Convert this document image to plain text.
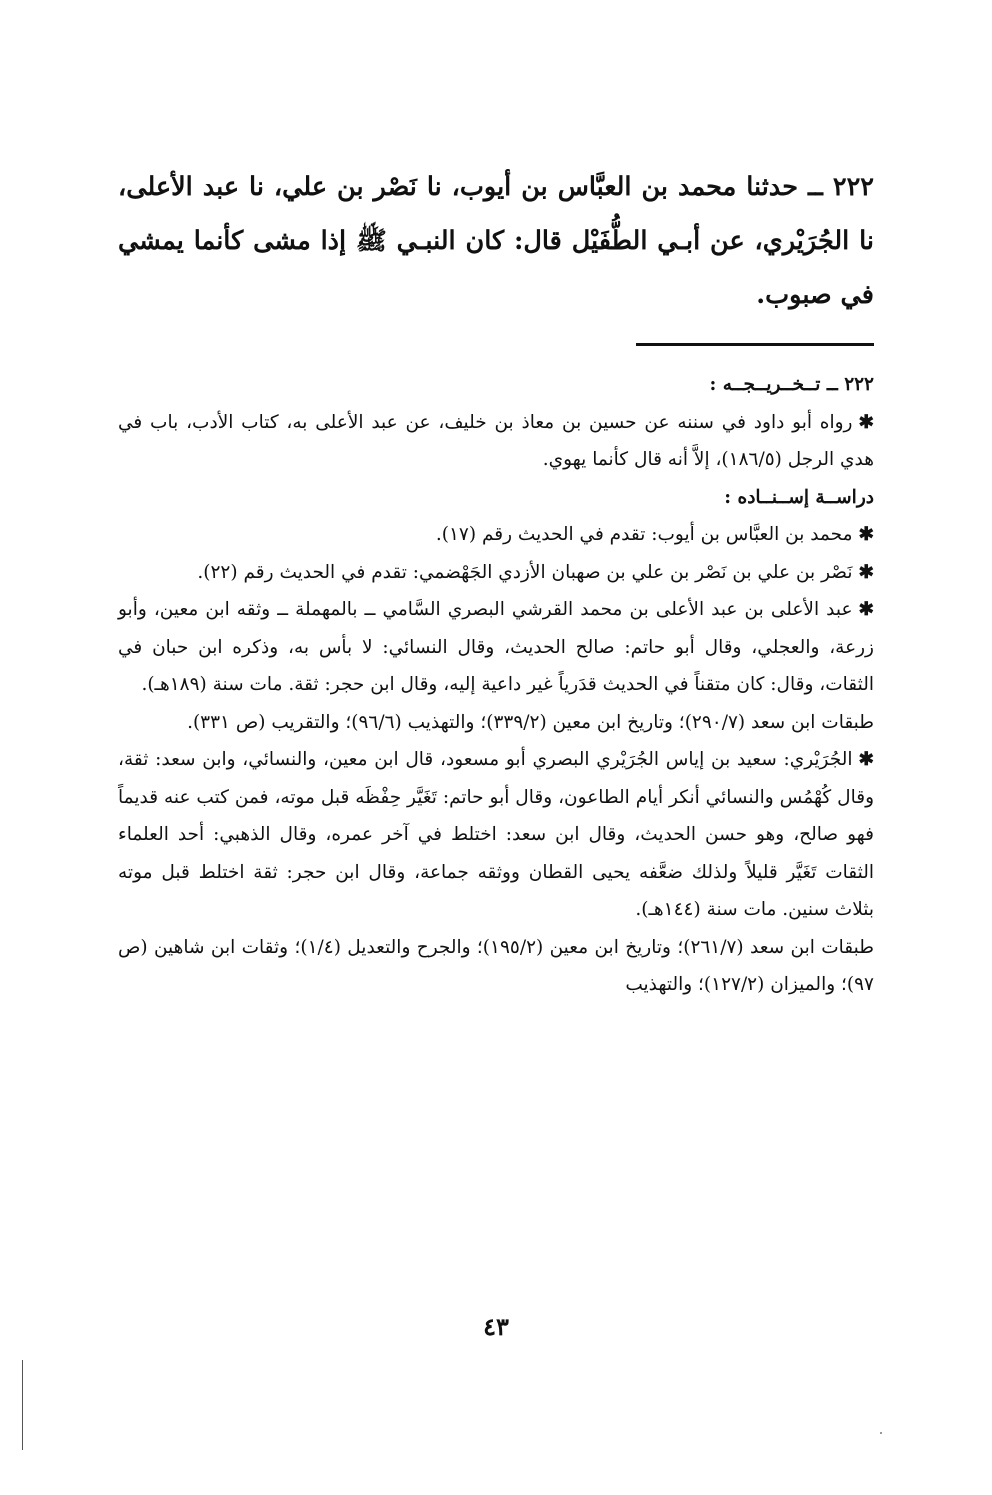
٢٢٢ ــ حدثنا محمد بن العبَّاس بن أيوب، نا نَصْر بن علي، نا عبد الأعلى، نا الجُرَيْري، عن أبـي الطُّفَيْل قال: كان النبـي ﷺ إذا مشى كأنما يمشي في صبوب.

٢٢٢ ــ تــخــريــجــه :

✱رواه أبو داود في سننه عن حسين بن معاذ بن خليف، عن عبد الأعلى به، كتاب الأدب، باب في هدي الرجل (١٨٦/٥)، إلاَّ أنه قال كأنما يهوي.

دراســة إســنــاده :

✱محمد بن العبَّاس بن أيوب: تقدم في الحديث رقم (١٧).

✱نَصْر بن علي بن نَصْر بن علي بن صهبان الأزدي الجَهْضمي: تقدم في الحديث رقم (٢٢).

✱عبد الأعلى بن عبد الأعلى بن محمد القرشي البصري السَّامي ــ بالمهملة ــ وثقه ابن معين، وأبو زرعة، والعجلي، وقال أبو حاتم: صالح الحديث، وقال النسائي: لا بأس به، وذكره ابن حبان في الثقات، وقال: كان متقناً في الحديث قدَرياً غير داعية إليه، وقال ابن حجر: ثقة. مات سنة (١٨٩هـ).

طبقات ابن سعد (٢٩٠/٧)؛ وتاريخ ابن معين (٣٣٩/٢)؛ والتهذيب (٩٦/٦)؛ والتقريب (ص ٣٣١).

✱الجُرَيْري: سعيد بن إياس الجُرَيْري البصري أبو مسعود، قال ابن معين، والنسائي، وابن سعد: ثقة، وقال كُهْمُس والنسائي أنكر أيام الطاعون، وقال أبو حاتم: تَغَيَّر حِفْظَه قبل موته، فمن كتب عنه قديماً فهو صالح، وهو حسن الحديث، وقال ابن سعد: اختلط في آخر عمره، وقال الذهبي: أحد العلماء الثقات تَغَيَّر قليلاً ولذلك ضعَّفه يحيى القطان ووثقه جماعة، وقال ابن حجر: ثقة اختلط قبل موته بثلاث سنين. مات سنة (١٤٤هـ).

طبقات ابن سعد (٢٦١/٧)؛ وتاريخ ابن معين (١٩٥/٢)؛ والجرح والتعديل (١/٤)؛ وثقات ابن شاهين (ص ٩٧)؛ والميزان (١٢٧/٢)؛ والتهذيب

٤٣
